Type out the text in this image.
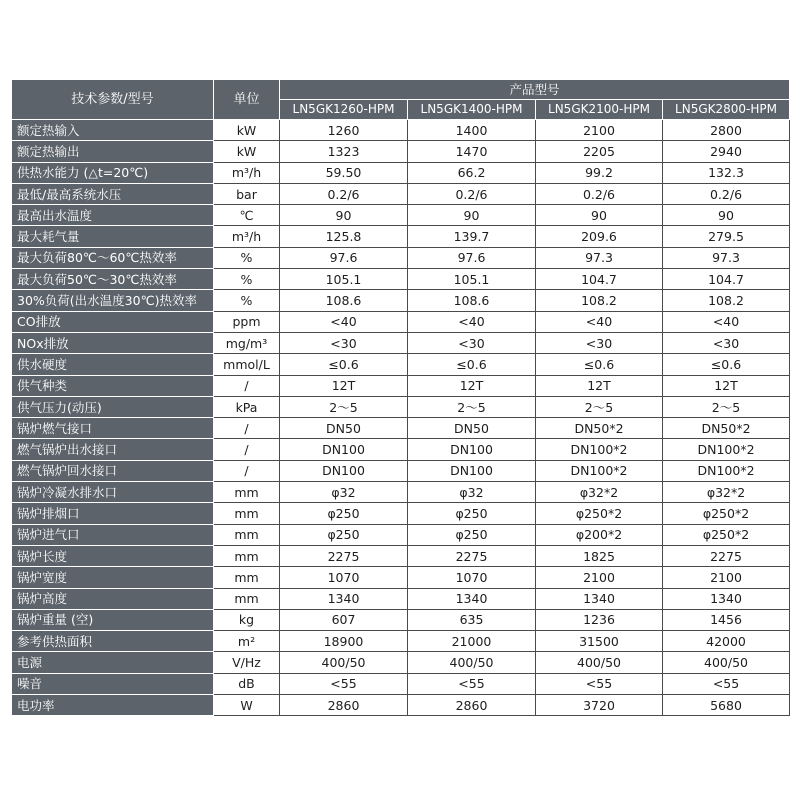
技术参数/型号	单位	产品型号			
		LN5GK1260-HPM	LN5GK1400-HPM	LN5GK2100-HPM	LN5GK2800-HPM
额定热输入	kW	1260	1400	2100	2800
额定热输出	kW	1323	1470	2205	2940
供热水能力 (△t=20℃)	m³/h	59.50	66.2	99.2	132.3
最低/最高系统水压	bar	0.2/6	0.2/6	0.2/6	0.2/6
最高出水温度	℃	90	90	90	90
最大耗气量	m³/h	125.8	139.7	209.6	279.5
最大负荷80℃～60℃热效率	%	97.6	97.6	97.3	97.3
最大负荷50℃～30℃热效率	%	105.1	105.1	104.7	104.7
30%负荷(出水温度30℃)热效率	%	108.6	108.6	108.2	108.2
CO排放	ppm	<40	<40	<40	<40
NOx排放	mg/m³	<30	<30	<30	<30
供水硬度	mmol/L	≤0.6	≤0.6	≤0.6	≤0.6
供气种类	/	12T	12T	12T	12T
供气压力(动压)	kPa	2～5	2～5	2～5	2～5
锅炉燃气接口	/	DN50	DN50	DN50*2	DN50*2
燃气锅炉出水接口	/	DN100	DN100	DN100*2	DN100*2
燃气锅炉回水接口	/	DN100	DN100	DN100*2	DN100*2
锅炉冷凝水排水口	mm	φ32	φ32	φ32*2	φ32*2
锅炉排烟口	mm	φ250	φ250	φ250*2	φ250*2
锅炉进气口	mm	φ250	φ250	φ200*2	φ250*2
锅炉长度	mm	2275	2275	1825	2275
锅炉宽度	mm	1070	1070	2100	2100
锅炉高度	mm	1340	1340	1340	1340
锅炉重量 (空)	kg	607	635	1236	1456
参考供热面积	m²	18900	21000	31500	42000
电源	V/Hz	400/50	400/50	400/50	400/50
噪音	dB	<55	<55	<55	<55
电功率	W	2860	2860	3720	5680
